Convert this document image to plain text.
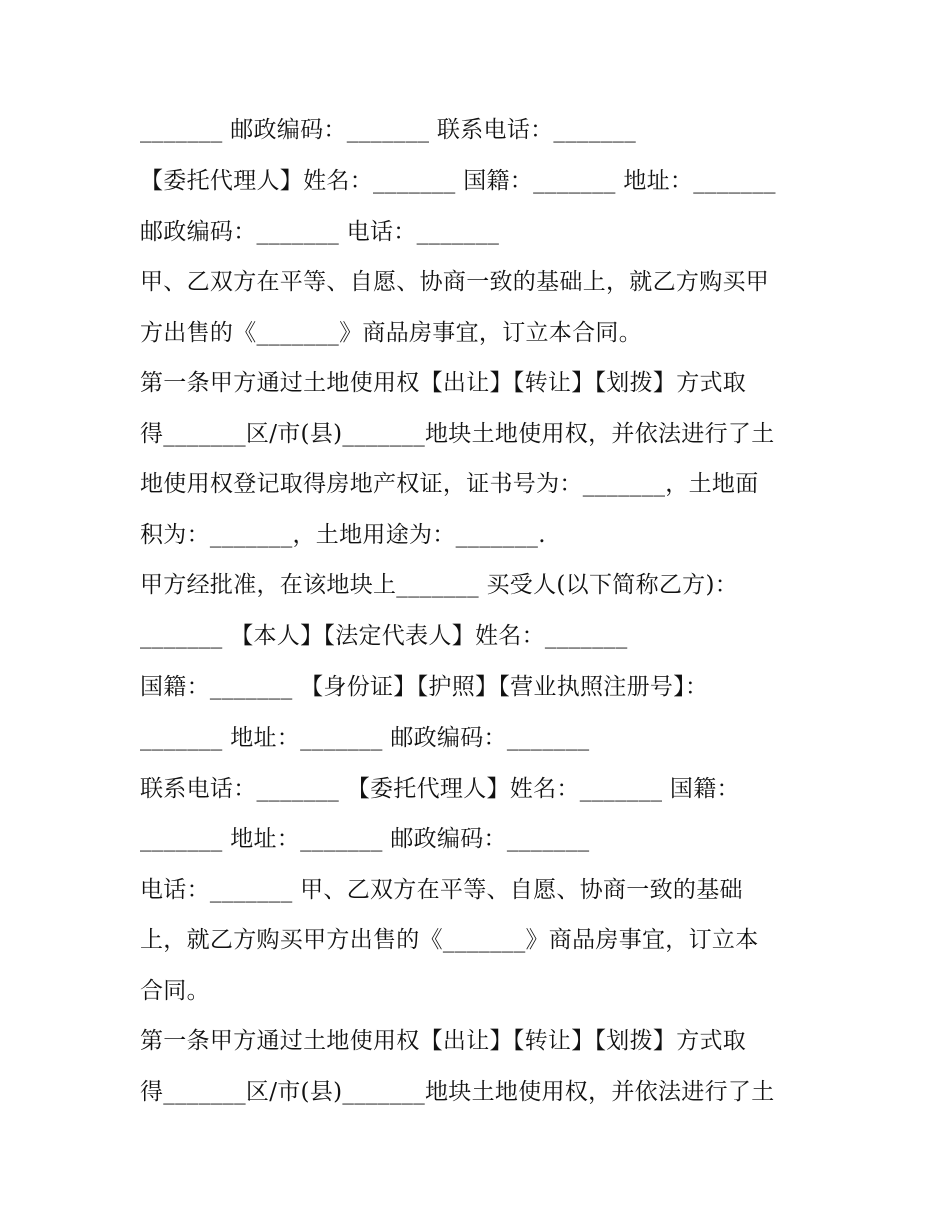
_______ 邮政编码：_______ 联系电话：_______
【委托代理人】姓名：_______ 国籍：_______ 地址：_______
邮政编码：_______ 电话：_______
甲、乙双方在平等、自愿、协商一致的基础上，就乙方购买甲
方出售的《_______》商品房事宜，订立本合同。
第一条甲方通过土地使用权【出让】【转让】【划拨】方式取
得_______区/市(县)_______地块土地使用权，并依法进行了土
地使用权登记取得房地产权证，证书号为：_______，土地面
积为：_______，土地用途为：_______.
甲方经批准，在该地块上_______ 买受人(以下简称乙方)：
_______ 【本人】【法定代表人】姓名：_______
国籍：_______ 【身份证】【护照】【营业执照注册号】：
_______ 地址：_______ 邮政编码：_______
联系电话：_______ 【委托代理人】姓名：_______ 国籍：
_______ 地址：_______ 邮政编码：_______
电话：_______ 甲、乙双方在平等、自愿、协商一致的基础
上，就乙方购买甲方出售的《_______》商品房事宜，订立本
合同。
第一条甲方通过土地使用权【出让】【转让】【划拨】方式取
得_______区/市(县)_______地块土地使用权，并依法进行了土
